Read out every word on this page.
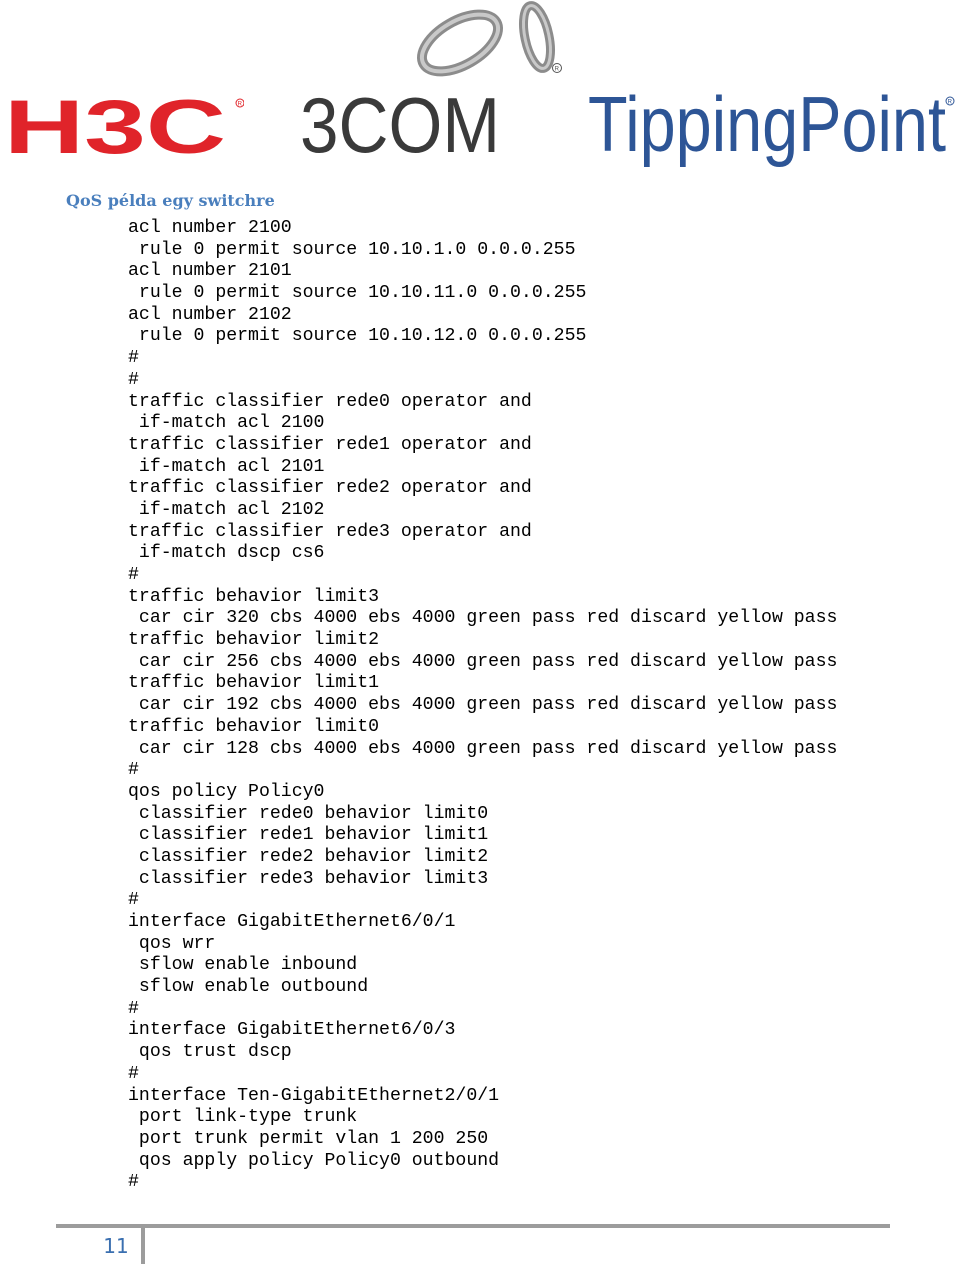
H3C R
R
3COM TippingPoint R
QoS példa egy switchre
acl number 2100
rule 0 permit source 10.10.1.0 0.0.0.255
acl number 2101
rule 0 permit source 10.10.11.0 0.0.0.255
acl number 2102
rule 0 permit source 10.10.12.0 0.0.0.255
#
#
traffic classifier rede0 operator and
if-match acl 2100
traffic classifier rede1 operator and
if-match acl 2101
traffic classifier rede2 operator and
if-match acl 2102
traffic classifier rede3 operator and
if-match dscp cs6
#
traffic behavior limit3
car cir 320 cbs 4000 ebs 4000 green pass red discard yellow pass
traffic behavior limit2
car cir 256 cbs 4000 ebs 4000 green pass red discard yellow pass
traffic behavior limit1
car cir 192 cbs 4000 ebs 4000 green pass red discard yellow pass
traffic behavior limit0
car cir 128 cbs 4000 ebs 4000 green pass red discard yellow pass
#
qos policy Policy0
classifier rede0 behavior limit0
classifier rede1 behavior limit1
classifier rede2 behavior limit2
classifier rede3 behavior limit3
#
interface GigabitEthernet6/0/1
qos wrr
sflow enable inbound
sflow enable outbound
#
interface GigabitEthernet6/0/3
qos trust dscp
#
interface Ten-GigabitEthernet2/0/1
port link-type trunk
port trunk permit vlan 1 200 250
qos apply policy Policy0 outbound
#
11
